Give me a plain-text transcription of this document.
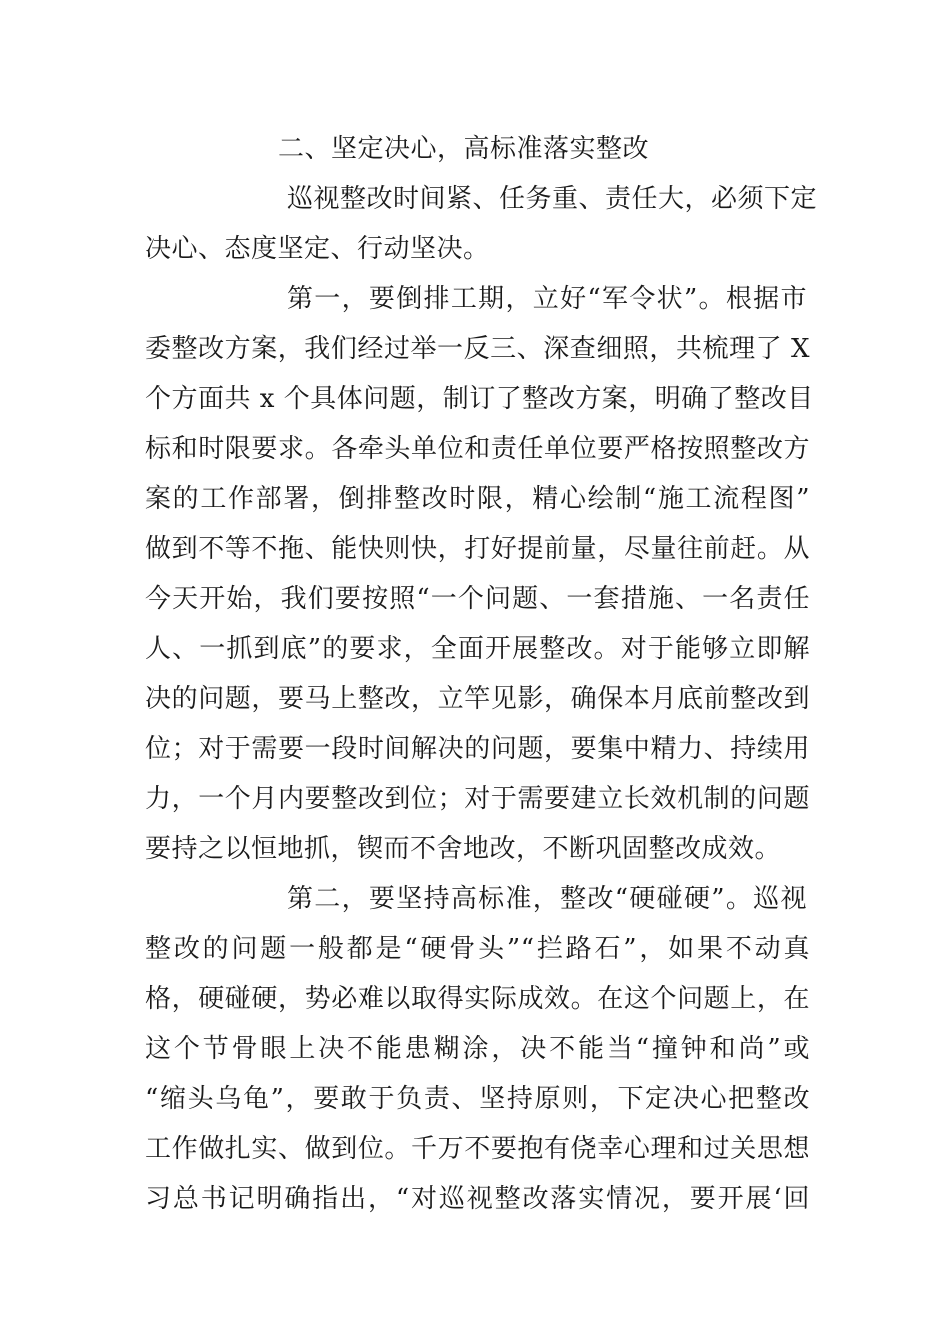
二、坚定决心，高标准落实整改
巡视整改时间紧、任务重、责任大，必须下定
决心、态度坚定、行动坚决。
第一，要倒排工期，立好“军令状”。根据市
委整改方案，我们经过举一反三、深查细照，共梳理了 X
个方面共 x 个具体问题，制订了整改方案，明确了整改目
标和时限要求。各牵头单位和责任单位要严格按照整改方
案的工作部署，倒排整改时限，精心绘制“施工流程图”
做到不等不拖、能快则快，打好提前量，尽量往前赶。从
今天开始，我们要按照“一个问题、一套措施、一名责任
人、一抓到底”的要求，全面开展整改。对于能够立即解
决的问题，要马上整改，立竿见影，确保本月底前整改到
位；对于需要一段时间解决的问题，要集中精力、持续用
力，一个月内要整改到位；对于需要建立长效机制的问题
要持之以恒地抓，锲而不舍地改，不断巩固整改成效。
第二，要坚持高标准，整改“硬碰硬”。巡视
整改的问题一般都是“硬骨头”“拦路石”，如果不动真
格，硬碰硬，势必难以取得实际成效。在这个问题上，在
这个节骨眼上决不能患糊涂，决不能当“撞钟和尚”或
“缩头乌龟”，要敢于负责、坚持原则，下定决心把整改
工作做扎实、做到位。千万不要抱有侥幸心理和过关思想
习总书记明确指出，“对巡视整改落实情况，要开展‘回
